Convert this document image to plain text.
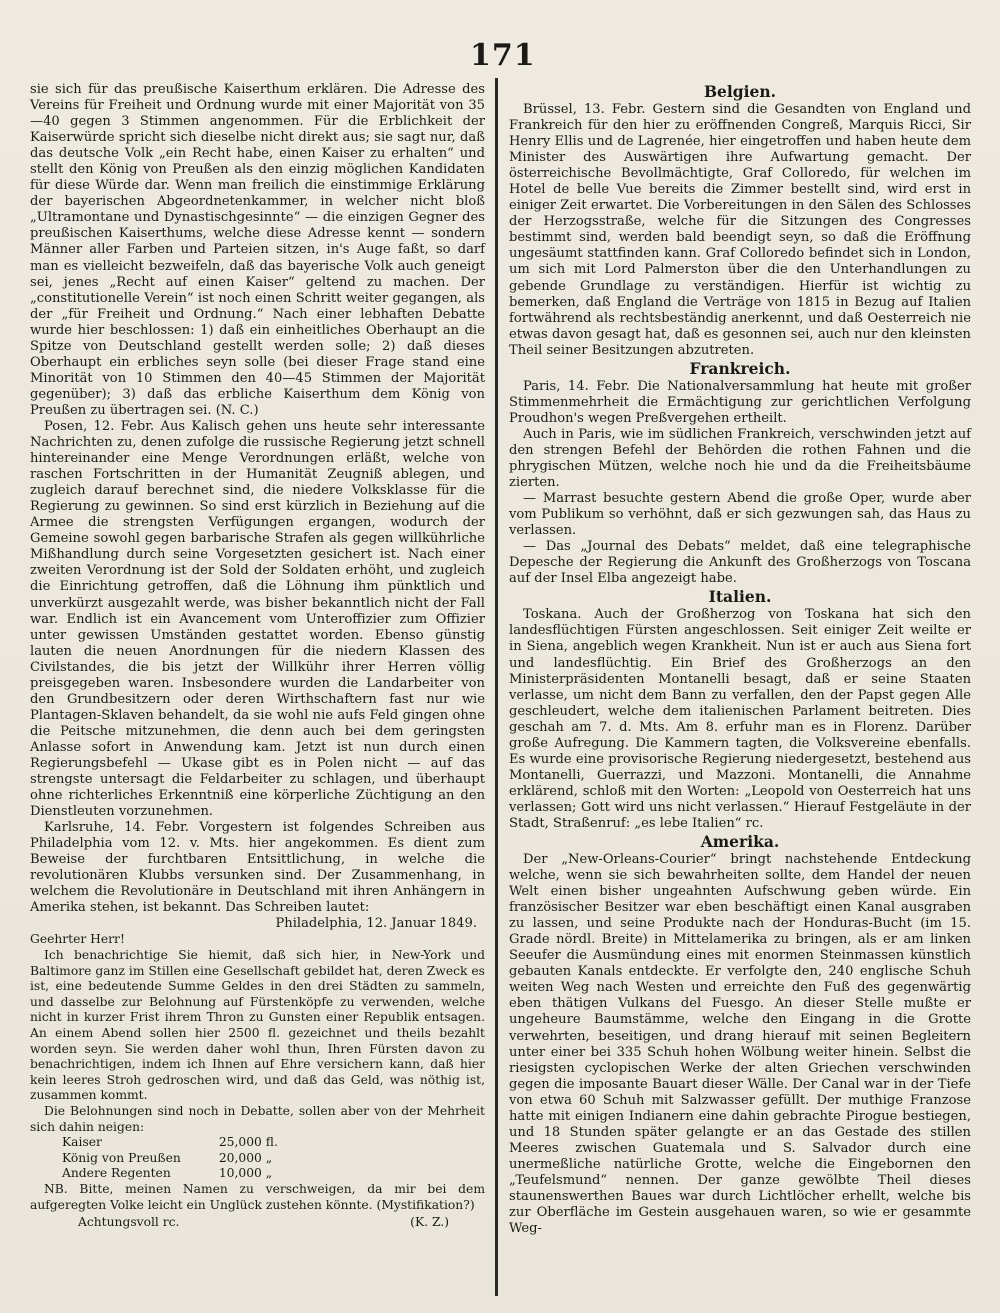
171

sie sich für das preußische Kaiserthum erklären. Die Adresse des Vereins für Freiheit und Ordnung wurde mit einer Majorität von 35—40 gegen 3 Stimmen angenommen. Für die Erblichkeit der Kaiserwürde spricht sich dieselbe nicht direkt aus; sie sagt nur, daß das deutsche Volk „ein Recht habe, einen Kaiser zu erhalten“ und stellt den König von Preußen als den einzig möglichen Kandidaten für diese Würde dar. Wenn man freilich die einstimmige Erklärung der bayerischen Abgeordnetenkammer, in welcher nicht bloß „Ultramontane und Dynastischgesinnte“ — die einzigen Gegner des preußischen Kaiserthums, welche diese Adresse kennt — sondern Männer aller Farben und Parteien sitzen, in's Auge faßt, so darf man es vielleicht bezweifeln, daß das bayerische Volk auch geneigt sei, jenes „Recht auf einen Kaiser“ geltend zu machen. Der „constitutionelle Verein“ ist noch einen Schritt weiter gegangen, als der „für Freiheit und Ordnung.“ Nach einer lebhaften Debatte wurde hier beschlossen: 1) daß ein einheitliches Oberhaupt an die Spitze von Deutschland gestellt werden solle; 2) daß dieses Oberhaupt ein erbliches seyn solle (bei dieser Frage stand eine Minorität von 10 Stimmen den 40—45 Stimmen der Majorität gegenüber); 3) daß das erbliche Kaiserthum dem König von Preußen zu übertragen sei. (N. C.)

Posen, 12. Febr. Aus Kalisch gehen uns heute sehr interessante Nachrichten zu, denen zufolge die russische Regierung jetzt schnell hintereinander eine Menge Verordnungen erläßt, welche von raschen Fortschritten in der Humanität Zeugniß ablegen, und zugleich darauf berechnet sind, die niedere Volksklasse für die Regierung zu gewinnen. So sind erst kürzlich in Beziehung auf die Armee die strengsten Verfügungen ergangen, wodurch der Gemeine sowohl gegen barbarische Strafen als gegen willkührliche Mißhandlung durch seine Vorgesetzten gesichert ist. Nach einer zweiten Verordnung ist der Sold der Soldaten erhöht, und zugleich die Einrichtung getroffen, daß die Löhnung ihm pünktlich und unverkürzt ausgezahlt werde, was bisher bekanntlich nicht der Fall war. Endlich ist ein Avancement vom Unteroffizier zum Offizier unter gewissen Umständen gestattet worden. Ebenso günstig lauten die neuen Anordnungen für die niedern Klassen des Civilstandes, die bis jetzt der Willkühr ihrer Herren völlig preisgegeben waren. Insbesondere wurden die Landarbeiter von den Grundbesitzern oder deren Wirthschaftern fast nur wie Plantagen-Sklaven behandelt, da sie wohl nie aufs Feld gingen ohne die Peitsche mitzunehmen, die denn auch bei dem geringsten Anlasse sofort in Anwendung kam. Jetzt ist nun durch einen Regierungsbefehl — Ukase gibt es in Polen nicht — auf das strengste untersagt die Feldarbeiter zu schlagen, und überhaupt ohne richterliches Erkenntniß eine körperliche Züchtigung an den Dienstleuten vorzunehmen.

Karlsruhe, 14. Febr. Vorgestern ist folgendes Schreiben aus Philadelphia vom 12. v. Mts. hier angekommen. Es dient zum Beweise der furchtbaren Entsittlichung, in welche die revolutionären Klubbs versunken sind. Der Zusammenhang, in welchem die Revolutionäre in Deutschland mit ihren Anhängern in Amerika stehen, ist bekannt. Das Schreiben lautet:

Philadelphia, 12. Januar 1849.

Geehrter Herr!

Ich benachrichtige Sie hiemit, daß sich hier, in New-York und Baltimore ganz im Stillen eine Gesellschaft gebildet hat, deren Zweck es ist, eine bedeutende Summe Geldes in den drei Städten zu sammeln, und dasselbe zur Belohnung auf Fürstenköpfe zu verwenden, welche nicht in kurzer Frist ihrem Thron zu Gunsten einer Republik entsagen. An einem Abend sollen hier 2500 fl. gezeichnet und theils bezahlt worden seyn. Sie werden daher wohl thun, Ihren Fürsten davon zu benachrichtigen, indem ich Ihnen auf Ehre versichern kann, daß hier kein leeres Stroh gedroschen wird, und daß das Geld, was nöthig ist, zusammen kommt.

Die Belohnungen sind noch in Debatte, sollen aber von der Mehrheit sich dahin neigen:

Kaiser	25,000 fl.
König von Preußen	20,000 „
Andere Regenten	10,000 „

NB. Bitte, meinen Namen zu verschweigen, da mir bei dem aufgeregten Volke leicht ein Unglück zustehen könnte. (Mystifikation?)

Achtungsvoll rc.	(K. Z.)

Belgien.

Brüssel, 13. Febr. Gestern sind die Gesandten von England und Frankreich für den hier zu eröffnenden Congreß, Marquis Ricci, Sir Henry Ellis und de Lagrenée, hier eingetroffen und haben heute dem Minister des Auswärtigen ihre Aufwartung gemacht. Der österreichische Bevollmächtigte, Graf Colloredo, für welchen im Hotel de belle Vue bereits die Zimmer bestellt sind, wird erst in einiger Zeit erwartet. Die Vorbereitungen in den Sälen des Schlosses der Herzogsstraße, welche für die Sitzungen des Congresses bestimmt sind, werden bald beendigt seyn, so daß die Eröffnung ungesäumt stattfinden kann. Graf Colloredo befindet sich in London, um sich mit Lord Palmerston über die den Unterhandlungen zu gebende Grundlage zu verständigen. Hierfür ist wichtig zu bemerken, daß England die Verträge von 1815 in Bezug auf Italien fortwährend als rechtsbeständig anerkennt, und daß Oesterreich nie etwas davon gesagt hat, daß es gesonnen sei, auch nur den kleinsten Theil seiner Besitzungen abzutreten.

Frankreich.

Paris, 14. Febr. Die Nationalversammlung hat heute mit großer Stimmenmehrheit die Ermächtigung zur gerichtlichen Verfolgung Proudhon's wegen Preßvergehen ertheilt.

Auch in Paris, wie im südlichen Frankreich, verschwinden jetzt auf den strengen Befehl der Behörden die rothen Fahnen und die phrygischen Mützen, welche noch hie und da die Freiheitsbäume zierten.

— Marrast besuchte gestern Abend die große Oper, wurde aber vom Publikum so verhöhnt, daß er sich gezwungen sah, das Haus zu verlassen.

— Das „Journal des Debats“ meldet, daß eine telegraphische Depesche der Regierung die Ankunft des Großherzogs von Toscana auf der Insel Elba angezeigt habe.

Italien.

Toskana. Auch der Großherzog von Toskana hat sich den landesflüchtigen Fürsten angeschlossen. Seit einiger Zeit weilte er in Siena, angeblich wegen Krankheit. Nun ist er auch aus Siena fort und landesflüchtig. Ein Brief des Großherzogs an den Ministerpräsidenten Montanelli besagt, daß er seine Staaten verlasse, um nicht dem Bann zu verfallen, den der Papst gegen Alle geschleudert, welche dem italienischen Parlament beitreten. Dies geschah am 7. d. Mts. Am 8. erfuhr man es in Florenz. Darüber große Aufregung. Die Kammern tagten, die Volksvereine ebenfalls. Es wurde eine provisorische Regierung niedergesetzt, bestehend aus Montanelli, Guerrazzi, und Mazzoni. Montanelli, die Annahme erklärend, schloß mit den Worten: „Leopold von Oesterreich hat uns verlassen; Gott wird uns nicht verlassen.“ Hierauf Festgeläute in der Stadt, Straßenruf: „es lebe Italien“ rc.

Amerika.

Der „New-Orleans-Courier“ bringt nachstehende Entdeckung welche, wenn sie sich bewahrheiten sollte, dem Handel der neuen Welt einen bisher ungeahnten Aufschwung geben würde. Ein französischer Besitzer war eben beschäftigt einen Kanal ausgraben zu lassen, und seine Produkte nach der Honduras-Bucht (im 15. Grade nördl. Breite) in Mittelamerika zu bringen, als er am linken Seeufer die Ausmündung eines mit enormen Steinmassen künstlich gebauten Kanals entdeckte. Er verfolgte den, 240 englische Schuh weiten Weg nach Westen und erreichte den Fuß des gegenwärtig eben thätigen Vulkans del Fuesgo. An dieser Stelle mußte er ungeheure Baumstämme, welche den Eingang in die Grotte verwehrten, beseitigen, und drang hierauf mit seinen Begleitern unter einer bei 335 Schuh hohen Wölbung weiter hinein. Selbst die riesigsten cyclopischen Werke der alten Griechen verschwinden gegen die imposante Bauart dieser Wälle. Der Canal war in der Tiefe von etwa 60 Schuh mit Salzwasser gefüllt. Der muthige Franzose hatte mit einigen Indianern eine dahin gebrachte Pirogue bestiegen, und 18 Stunden später gelangte er an das Gestade des stillen Meeres zwischen Guatemala und S. Salvador durch eine unermeßliche natürliche Grotte, welche die Eingebornen den „Teufelsmund“ nennen. Der ganze gewölbte Theil dieses staunenswerthen Baues war durch Lichtlöcher erhellt, welche bis zur Oberfläche im Gestein ausgehauen waren, so wie er gesammte Weg-
